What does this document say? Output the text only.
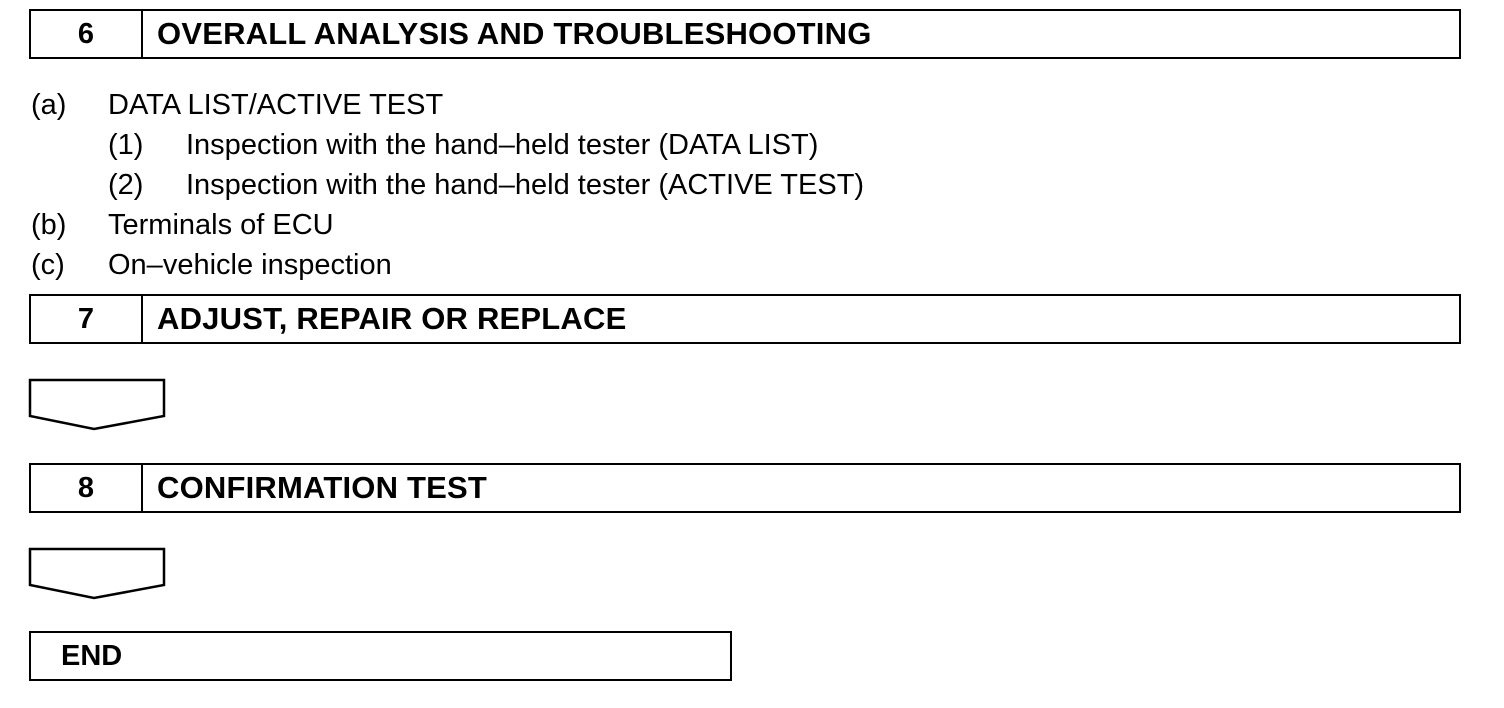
6	OVERALL ANALYSIS AND TROUBLESHOOTING
(a) DATA LIST/ACTIVE TEST
(1) Inspection with the hand–held tester (DATA LIST)
(2) Inspection with the hand–held tester (ACTIVE TEST)
(b) Terminals of ECU
(c) On–vehicle inspection
7	ADJUST, REPAIR OR REPLACE
8	CONFIRMATION TEST
END
